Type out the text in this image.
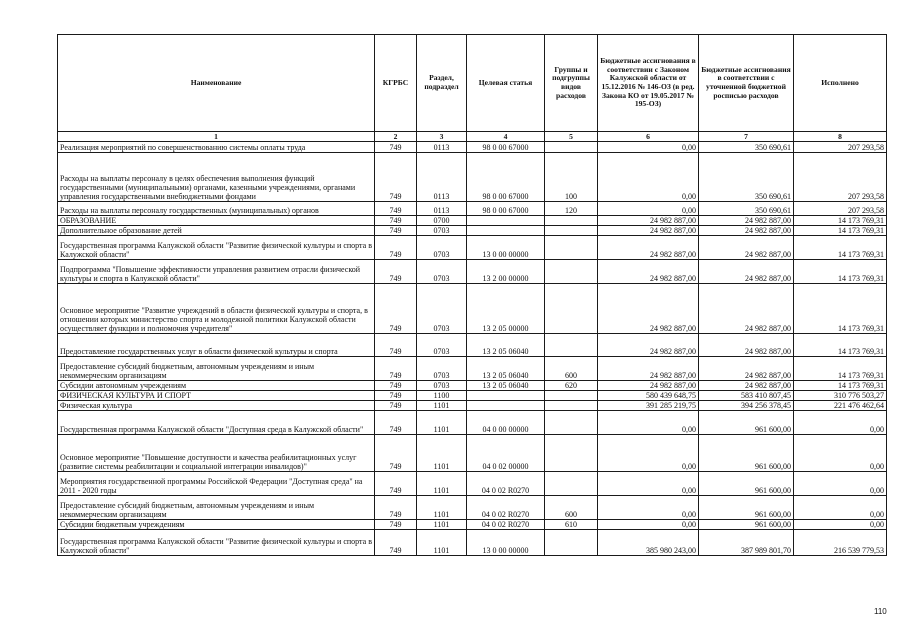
Наименование	КГРБС	Раздел, подраздел	Целевая статья	Группы и подгруппы видов расходов	Бюджетные ассигнования в соответствии с Законом Калужской области от 15.12.2016 № 146-ОЗ (в ред. Закона КО от 19.05.2017 № 195-ОЗ)	Бюджетные ассигнования в соответствии с уточненной бюджетной росписью расходов	Исполнено
1	2	3	4	5	6	7	8
Реализация мероприятий по совершенствованию системы оплаты труда	749	0113	98 0 00 67000		0,00	350 690,61	207 293,58
Расходы на выплаты персоналу в целях обеспечения выполнения функций государственными (муниципальными) органами, казенными учреждениями, органами управления государственными внебюджетными фондами	749	0113	98 0 00 67000	100	0,00	350 690,61	207 293,58
Расходы на выплаты персоналу государственных (муниципальных) органов	749	0113	98 0 00 67000	120	0,00	350 690,61	207 293,58
ОБРАЗОВАНИЕ	749	0700			24 982 887,00	24 982 887,00	14 173 769,31
Дополнительное образование детей	749	0703			24 982 887,00	24 982 887,00	14 173 769,31
Государственная программа Калужской области "Развитие физической культуры и спорта в Калужской области"	749	0703	13 0 00 00000		24 982 887,00	24 982 887,00	14 173 769,31
Подпрограмма "Повышение эффективности управления развитием отрасли физической культуры и спорта в Калужской области"	749	0703	13 2 00 00000		24 982 887,00	24 982 887,00	14 173 769,31
Основное мероприятие "Развитие учреждений в области физической культуры и спорта, в отношении которых министерство спорта и молодежной политики Калужской области осуществляет функции и полномочия учредителя"	749	0703	13 2 05 00000		24 982 887,00	24 982 887,00	14 173 769,31
Предоставление государственных услуг в области физической культуры и спорта	749	0703	13 2 05 06040		24 982 887,00	24 982 887,00	14 173 769,31
Предоставление субсидий бюджетным, автономным учреждениям и иным некоммерческим организациям	749	0703	13 2 05 06040	600	24 982 887,00	24 982 887,00	14 173 769,31
Субсидии автономным учреждениям	749	0703	13 2 05 06040	620	24 982 887,00	24 982 887,00	14 173 769,31
ФИЗИЧЕСКАЯ КУЛЬТУРА И СПОРТ	749	1100			580 439 648,75	583 410 807,45	310 776 503,27
Физическая культура	749	1101			391 285 219,75	394 256 378,45	221 476 462,64
Государственная программа Калужской области "Доступная среда в Калужской области"	749	1101	04 0 00 00000		0,00	961 600,00	0,00
Основное мероприятие "Повышение доступности и качества реабилитационных услуг (развитие системы реабилитации и социальной интеграции инвалидов)"	749	1101	04 0 02 00000		0,00	961 600,00	0,00
Мероприятия государственной программы Российской Федерации "Доступная среда" на 2011 - 2020 годы	749	1101	04 0 02 R0270		0,00	961 600,00	0,00
Предоставление субсидий бюджетным, автономным учреждениям и иным некоммерческим организациям	749	1101	04 0 02 R0270	600	0,00	961 600,00	0,00
Субсидии бюджетным учреждениям	749	1101	04 0 02 R0270	610	0,00	961 600,00	0,00
Государственная программа Калужской области "Развитие физической культуры и спорта в Калужской области"	749	1101	13 0 00 00000		385 980 243,00	387 989 801,70	216 539 779,53
110
